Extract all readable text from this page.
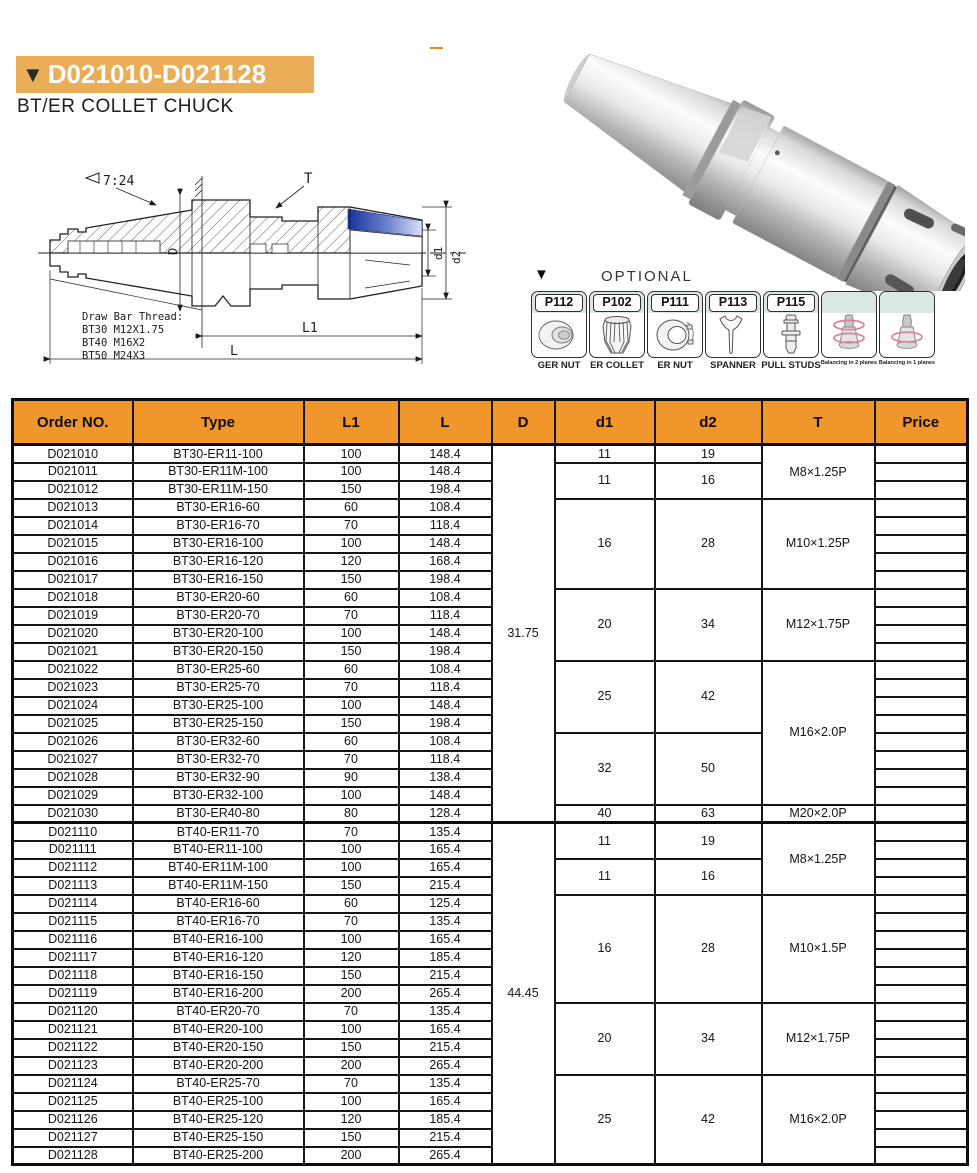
▼ D021010-D021128
BT/ER COLLET CHUCK
7:24	T
D	d1 d2
L1
L
Draw Bar Thread:
BT30 M12X1.75
BT40 M16X2
BT50 M24X3
▼	OPTIONAL
P112
GER NUT
P102
ER COLLET
P111
ER NUT
P113
SPANNER
P115
PULL STUDS Balancing in 2 planes Balancing in 1 planes
Order NO.	Type	L1	L	D	d1	d2	T	Price
D021010	BT30-ER11-100	100	148.4	31.75	11	19	M8×1.25P	
D021011	BT30-ER11M-100	100	148.4		11	16		
D021012	BT30-ER11M-150	150	198.4					
D021013	BT30-ER16-60	60	108.4		16	28	M10×1.25P	
D021014	BT30-ER16-70	70	118.4					
D021015	BT30-ER16-100	100	148.4					
D021016	BT30-ER16-120	120	168.4					
D021017	BT30-ER16-150	150	198.4					
D021018	BT30-ER20-60	60	108.4		20	34	M12×1.75P	
D021019	BT30-ER20-70	70	118.4					
D021020	BT30-ER20-100	100	148.4					
D021021	BT30-ER20-150	150	198.4					
D021022	BT30-ER25-60	60	108.4		25	42	M16×2.0P	
D021023	BT30-ER25-70	70	118.4					
D021024	BT30-ER25-100	100	148.4					
D021025	BT30-ER25-150	150	198.4					
D021026	BT30-ER32-60	60	108.4		32	50		
D021027	BT30-ER32-70	70	118.4					
D021028	BT30-ER32-90	90	138.4					
D021029	BT30-ER32-100	100	148.4					
D021030	BT30-ER40-80	80	128.4		40	63	M20×2.0P	
D021110	BT40-ER11-70	70	135.4	44.45	11	19	M8×1.25P	
D021111	BT40-ER11-100	100	165.4					
D021112	BT40-ER11M-100	100	165.4		11	16		
D021113	BT40-ER11M-150	150	215.4					
D021114	BT40-ER16-60	60	125.4		16	28	M10×1.5P	
D021115	BT40-ER16-70	70	135.4					
D021116	BT40-ER16-100	100	165.4					
D021117	BT40-ER16-120	120	185.4					
D021118	BT40-ER16-150	150	215.4					
D021119	BT40-ER16-200	200	265.4					
D021120	BT40-ER20-70	70	135.4		20	34	M12×1.75P	
D021121	BT40-ER20-100	100	165.4					
D021122	BT40-ER20-150	150	215.4					
D021123	BT40-ER20-200	200	265.4					
D021124	BT40-ER25-70	70	135.4		25	42	M16×2.0P	
D021125	BT40-ER25-100	100	165.4					
D021126	BT40-ER25-120	120	185.4					
D021127	BT40-ER25-150	150	215.4					
D021128	BT40-ER25-200	200	265.4					
